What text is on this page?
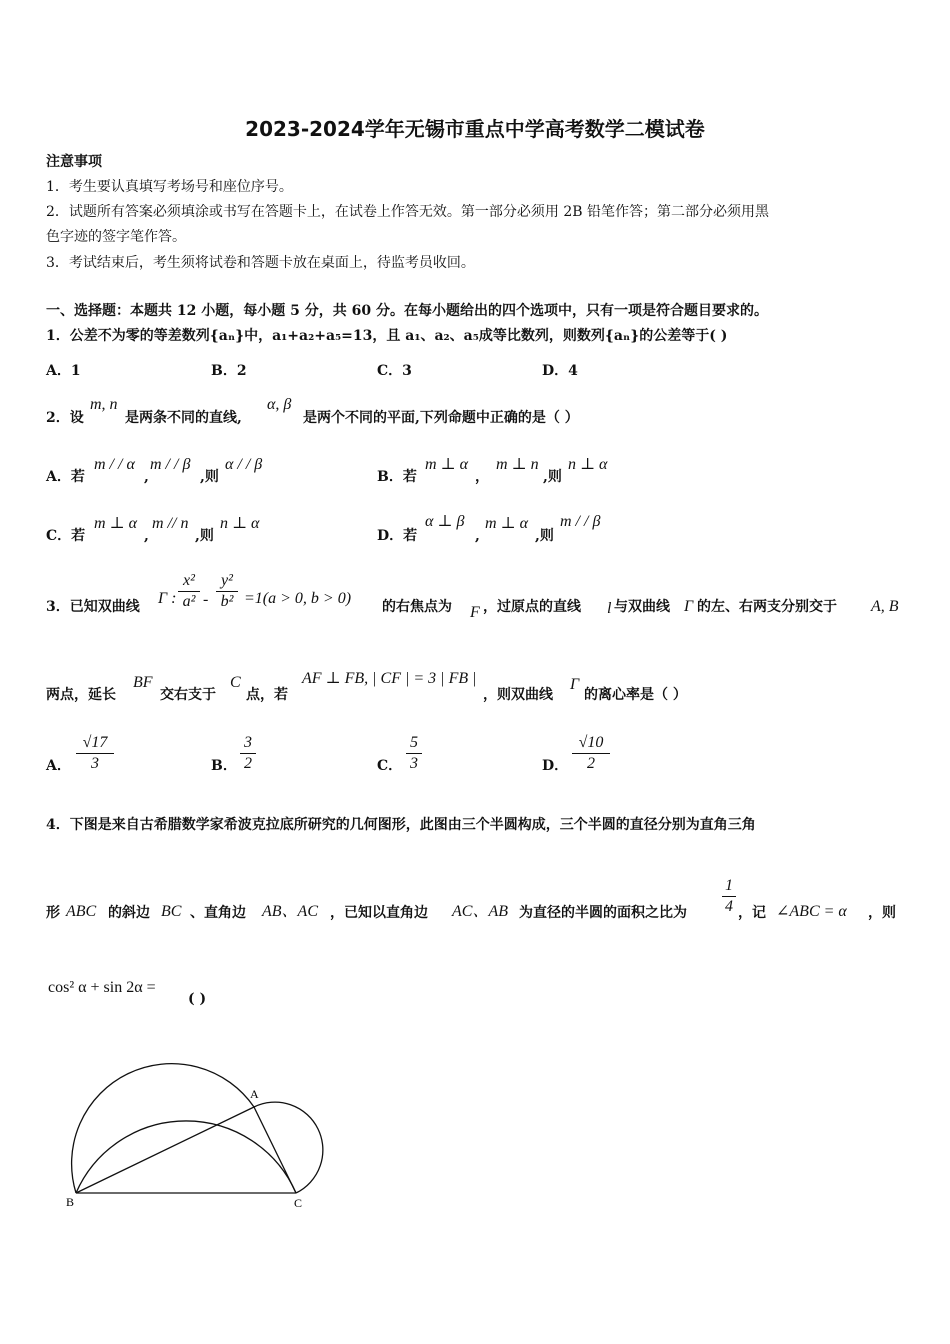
2023-2024学年无锡市重点中学高考数学二模试卷
注意事项
1．考生要认真填写考场号和座位序号。
2．试题所有答案必须填涂或书写在答题卡上，在试卷上作答无效。第一部分必须用 2B 铅笔作答；第二部分必须用黑
色字迹的签字笔作答。
3．考试结束后，考生须将试卷和答题卡放在桌面上，待监考员收回。
一、选择题：本题共 12 小题，每小题 5 分，共 60 分。在每小题给出的四个选项中，只有一项是符合题目要求的。
1．公差不为零的等差数列{aₙ}中，a₁+a₂+a₅=13，且 a₁、a₂、a₅成等比数列，则数列{aₙ}的公差等于( )
A．1	B．2	C．3	D．4
2．设
m, n
是两条不同的直线,
α, β
是两个不同的平面,下列命题中正确的是（ ）
A．若
m / / α
,
m / / β
,则
α / / β
B．若
m ⊥ α
，
m ⊥ n
,则
n ⊥ α
C．若
m ⊥ α
,
m // n
,则
n ⊥ α
D．若
α ⊥ β
,
m ⊥ α
,则
m / / β
3．已知双曲线 Γ :
x²
a² -
y²
b² =1(a > 0, b > 0) 的右焦点为 F ，过原点的直线 l 与双曲线 Γ 的左、右两支分别交于 A, B
两点，延长
BF
交右支于
C
点，若
AF ⊥ FB, | CF | = 3 | FB |
，则双曲线
Γ
的离心率是（ ）
A．
√17
3	B．
3
2	C．
5
3	D．
√10
2
4．下图是来自古希腊数学家希波克拉底所研究的几何图形，此图由三个半圆构成，三个半圆的直径分别为直角三角
形 ABC 的斜边 BC 、直角边 AB、AC ，已知以直角边 AC、AB 为直径的半圆的面积之比为
1
4 ，记 ∠ABC = α ，则
cos² α + sin 2α =
( )
B
A
C
